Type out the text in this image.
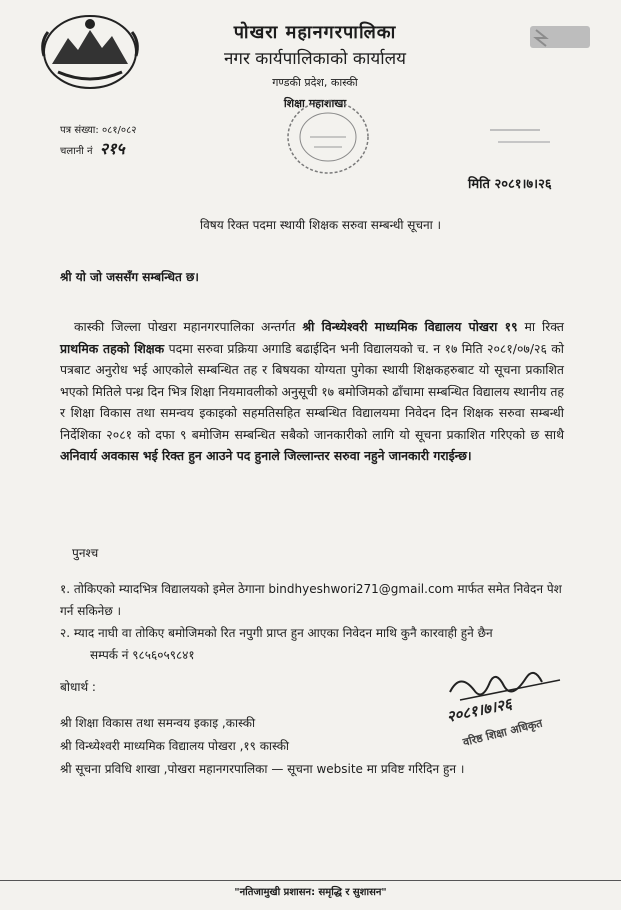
पोखरा महानगरपालिका
नगर कार्यपालिकाको कार्यालय
गण्डकी प्रदेश, कास्की
शिक्षा महाशाखा
पत्र संख्या: ०८१/०८२
चलानी नं २१५
मिति २०८१।७।२६
विषय रिक्त पदमा स्थायी शिक्षक सरुवा सम्बन्धी सूचना ।
श्री यो जो जससँग सम्बन्धित छ।
कास्की जिल्ला पोखरा महानगरपालिका अन्तर्गत श्री विन्ध्येश्वरी माध्यमिक विद्यालय पोखरा १९ मा रिक्त प्राथमिक तहको शिक्षक पदमा सरुवा प्रक्रिया अगाडि बढाईदिन भनी विद्यालयको च. न १७ मिति २०८१/०७/२६ को पत्रबाट अनुरोध भई आएकोले सम्बन्धित तह र बिषयका योग्यता पुगेका स्थायी शिक्षकहरुबाट यो सूचना प्रकाशित भएको मितिले पन्ध्र दिन भित्र शिक्षा नियमावलीको अनुसूची १७ बमोजिमको ढाँचामा सम्बन्धित विद्यालय स्थानीय तह र शिक्षा विकास तथा समन्वय इकाइको सहमतिसहित सम्बन्धित विद्यालयमा निवेदन दिन शिक्षक सरुवा सम्बन्धी निर्देशिका २०८१ को दफा ९ बमोजिम सम्बन्धित सबैको जानकारीको लागि यो सूचना प्रकाशित गरिएको छ साथै अनिवार्य अवकास भई रिक्त हुन आउने पद हुनाले जिल्लान्तर सरुवा नहुने जानकारी गराईन्छ।
पुनश्च
१. तोकिएको म्यादभित्र विद्यालयको इमेल ठेगाना bindhyeshwori271@gmail.com मार्फत समेत निवेदन पेश गर्न सकिनेछ ।
२. म्याद नाघी वा तोकिए बमोजिमको रित नपुगी प्राप्त हुन आएका निवेदन माथि कुनै कारवाही हुने छैन
सम्पर्क नं ९८५६०५९८४१
बोधार्थ :
श्री शिक्षा विकास तथा समन्वय इकाइ ,कास्की
श्री विन्ध्येश्वरी माध्यमिक विद्यालय पोखरा ,१९ कास्की
श्री सूचना प्रविधि शाखा ,पोखरा महानगरपालिका — सूचना website मा प्रविष्ट गरिदिन हुन ।
२०८१।७।२६
वरिष्ठ शिक्षा अधिकृत
"नतिजामुखी प्रशासन: समृद्धि र सुशासन"
